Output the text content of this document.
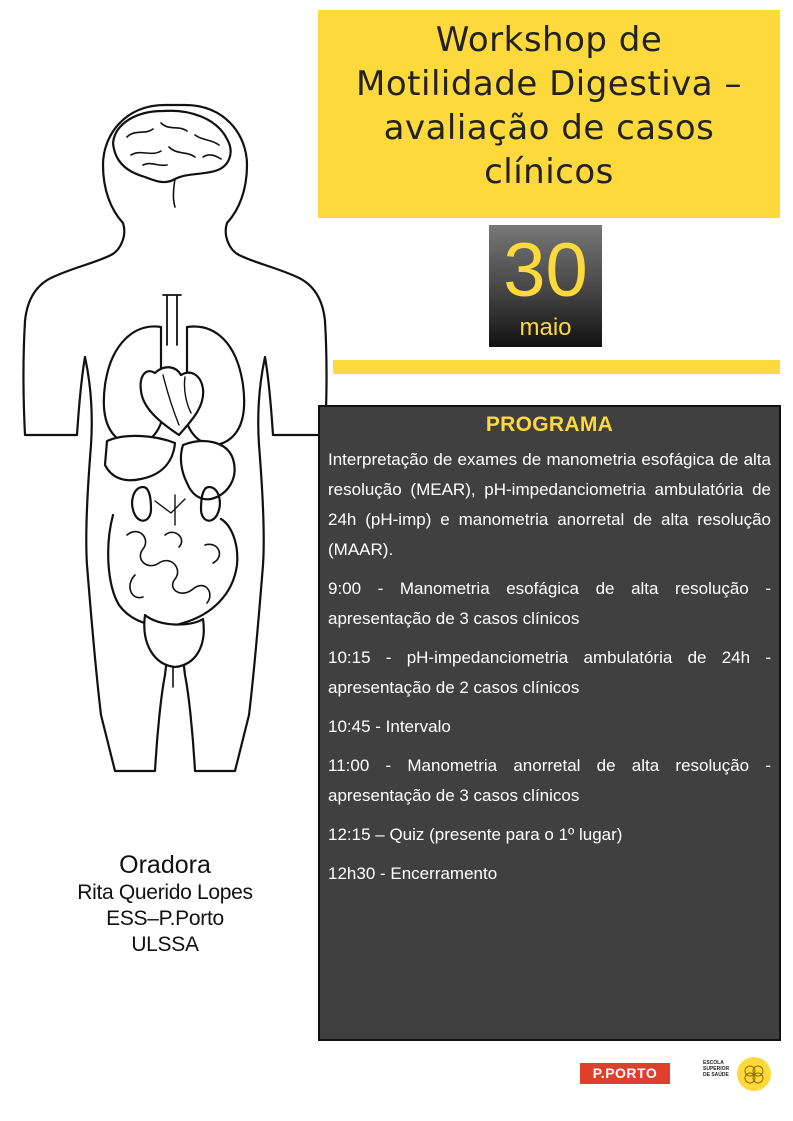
Workshop de
Motilidade Digestiva –
avaliação de casos
clínicos
30
maio
Oradora
Rita Querido Lopes
ESS–P.Porto
ULSSA
PROGRAMA

Interpretação de exames de manometria esofágica de alta resolução (MEAR), pH-impedanciometria ambulatória de 24h (pH-imp) e manometria anorretal de alta resolução (MAAR).

9:00 - Manometria esofágica de alta resolução - apresentação de 3 casos clínicos

10:15 - pH-impedanciometria ambulatória de 24h - apresentação de 2 casos clínicos

10:45 - Intervalo

11:00 - Manometria anorretal de alta resolução - apresentação de 3 casos clínicos

12:15 – Quiz (presente para o 1º lugar)

12h30 - Encerramento

P.PORTO
ESCOLA
SUPERIOR
DE SAÚDE
